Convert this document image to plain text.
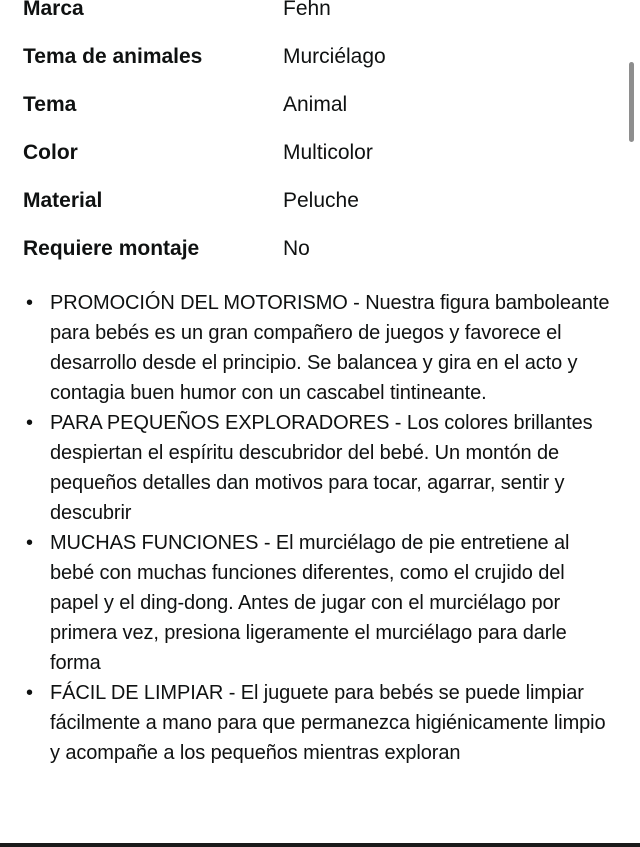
Marca	Fehn
Tema de animales	Murciélago
Tema	Animal
Color	Multicolor
Material	Peluche
Requiere montaje	No
• PROMOCIÓN DEL MOTORISMO - Nuestra figura bamboleante para bebés es un gran compañero de juegos y favorece el desarrollo desde el principio. Se balancea y gira en el acto y contagia buen humor con un cascabel tintineante.
• PARA PEQUEÑOS EXPLORADORES - Los colores brillantes despiertan el espíritu descubridor del bebé. Un montón de pequeños detalles dan motivos para tocar, agarrar, sentir y descubrir
• MUCHAS FUNCIONES - El murciélago de pie entretiene al bebé con muchas funciones diferentes, como el crujido del papel y el ding-dong. Antes de jugar con el murciélago por primera vez, presiona ligeramente el murciélago para darle forma
• FÁCIL DE LIMPIAR - El juguete para bebés se puede limpiar fácilmente a mano para que permanezca higiénicamente limpio y acompañe a los pequeños mientras exploran
